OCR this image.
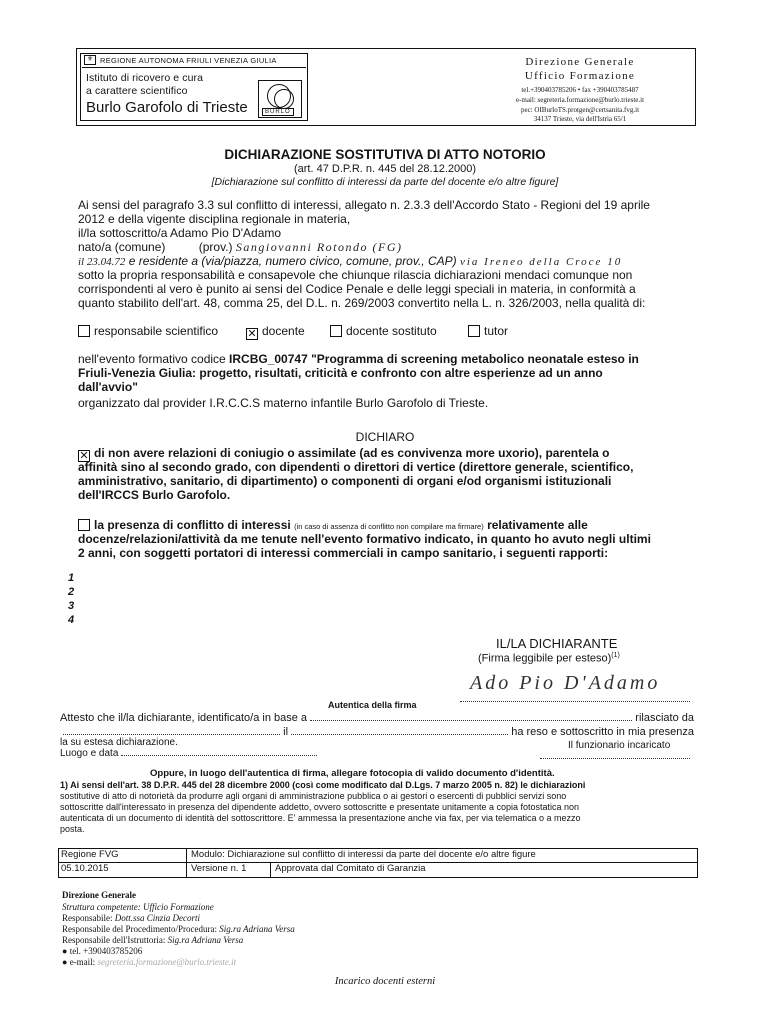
⚜ REGIONE AUTONOMA FRIULI VENEZIA GIULIA
Istituto di ricovero e cura
a carattere scientifico
Burlo Garofolo di Trieste	BURLO
Direzione Generale
Ufficio Formazione
tel.+390403785206 • fax +390403785487
e-mail: segreteria.formazione@burlo.trieste.it
pec: OIBurloTS.protgen@certsanita.fvg.it
34137 Trieste, via dell'Istria 65/1
DICHIARAZIONE SOSTITUTIVA DI ATTO NOTORIO
(art. 47 D.P.R. n. 445 del 28.12.2000)
[Dichiarazione sul conflitto di interessi da parte del docente e/o altre figure]
Ai sensi del paragrafo 3.3 sul conflitto di interessi, allegato n. 2.3.3 dell'Accordo Stato - Regioni del 19 aprile
2012 e della vigente disciplina regionale in materia,
il/la sottoscritto/a Adamo Pio D'Adamo
nato/a (comune)	(prov.) Sangiovanni Rotondo (FG)
il 23.04.72 e residente a (via/piazza, numero civico, comune, prov., CAP) via Ireneo della Croce 10
sotto la propria responsabilità e consapevole che chiunque rilascia dichiarazioni mendaci comunque non
corrispondenti al vero è punito ai sensi del Codice Penale e delle leggi speciali in materia, in conformità a
quanto stabilito dell'art. 48, comma 25, del D.L. n. 269/2003 convertito nella L. n. 326/2003, nella qualità di:
responsabile scientifico	✕ docente	docente sostituto	tutor
nell'evento formativo codice IRCBG_00747 "Programma di screening metabolico neonatale esteso in
Friuli-Venezia Giulia: progetto, risultati, criticità e confronto con altre esperienze ad un anno
dall'avvio"
organizzato dal provider I.R.C.C.S materno infantile Burlo Garofolo di Trieste.
DICHIARO
✕ di non avere relazioni di coniugio o assimilate (ad es convivenza more uxorio), parentela o
affinità sino al secondo grado, con dipendenti o direttori di vertice (direttore generale, scientifico,
amministrativo, sanitario, di dipartimento) o componenti di organi e/od organismi istituzionali
dell'IRCCS Burlo Garofolo.
la presenza di conflitto di interessi (in caso di assenza di conflitto non compilare ma firmare) relativamente alle
docenze/relazioni/attività da me tenute nell'evento formativo indicato, in quanto ho avuto negli ultimi
2 anni, con soggetti portatori di interessi commerciali in campo sanitario, i seguenti rapporti:
1
2
3
4
IL/LA DICHIARANTE
(Firma leggibile per esteso)$^{(1)}$
Ado Pio D'Adamo
Autentica della firma
Attesto che il/la dichiarante, identificato/a in base a	rilasciato da
il	ha reso e sottoscritto in mia presenza
la su estesa dichiarazione.	Il funzionario incaricato
Luogo e data
Oppure, in luogo dell'autentica di firma, allegare fotocopia di valido documento d'identità.
1) Ai sensi dell'art. 38 D.P.R. 445 del 28 dicembre 2000 (così come modificato dal D.Lgs. 7 marzo 2005 n. 82) le dichiarazioni
sostitutive di atto di notorietà da produrre agli organi di amministrazione pubblica o ai gestori o esercenti di pubblici servizi sono
sottoscritte dall'interessato in presenza del dipendente addetto, ovvero sottoscritte e presentate unitamente a copia fotostatica non
autenticata di un documento di identità del sottoscrittore. E' ammessa la presentazione anche via fax, per via telematica o a mezzo
posta.
Regione FVG	Modulo: Dichiarazione sul conflitto di interessi da parte del docente e/o altre figure
05.10.2015	Versione n. 1	Approvata dal Comitato di Garanzia
Direzione Generale
Struttura competente: Ufficio Formazione
Responsabile: Dott.ssa Cinzia Decorti
Responsabile del Procedimento/Procedura: Sig.ra Adriana Versa
Responsabile dell'Istruttoria: Sig.ra Adriana Versa
● tel. +390403785206
● e-mail: segreteria.formazione@burlo.trieste.it
Incarico docenti esterni
